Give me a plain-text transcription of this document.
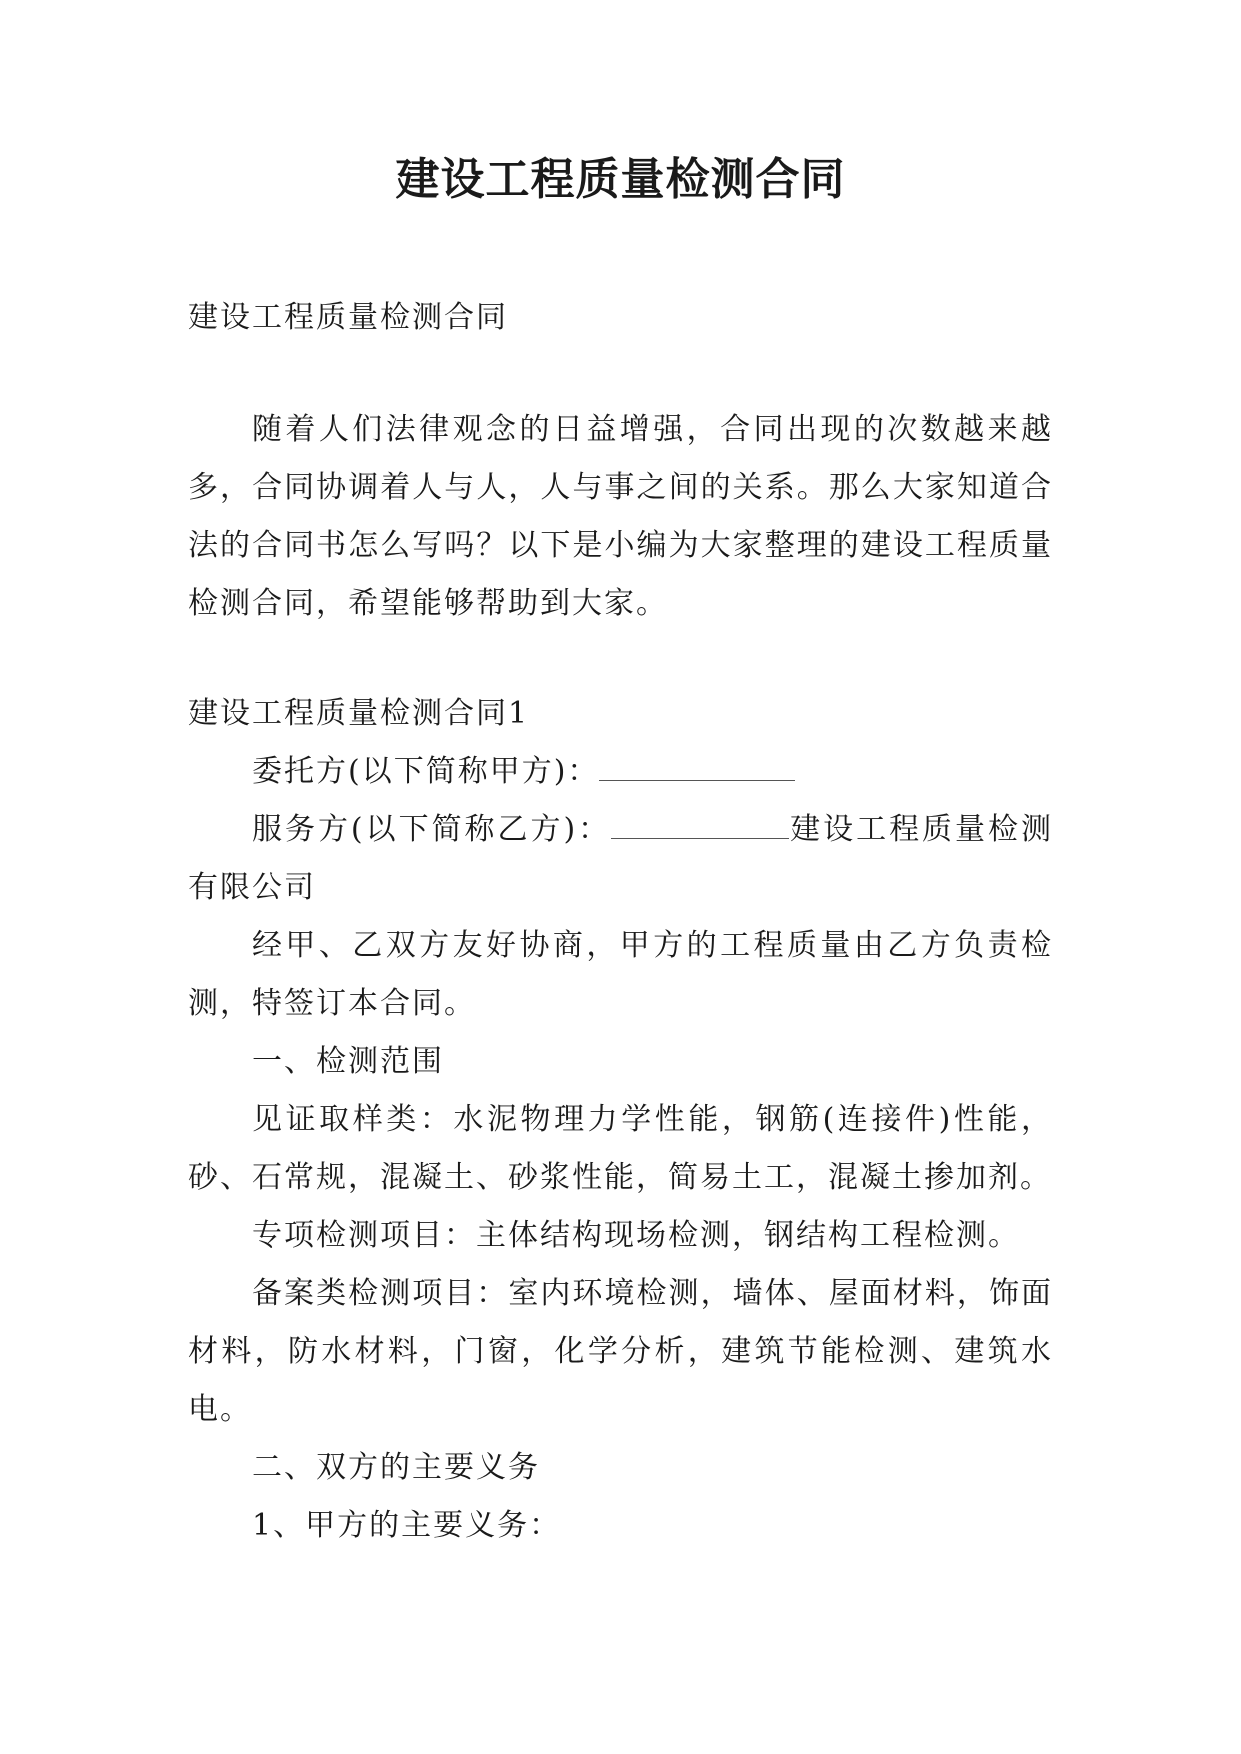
建设工程质量检测合同

建设工程质量检测合同

随着人们法律观念的日益增强，合同出现的次数越来越多，合同协调着人与人，人与事之间的关系。那么大家知道合法的合同书怎么写吗？以下是小编为大家整理的建设工程质量检测合同，希望能够帮助到大家。

建设工程质量检测合同1

委托方(以下简称甲方)：

服务方(以下简称乙方)：	建设工程质量检测有限公司

经甲、乙双方友好协商，甲方的工程质量由乙方负责检测，特签订本合同。

一、检测范围

见证取样类：水泥物理力学性能，钢筋(连接件)性能，砂、石常规，混凝土、砂浆性能，简易土工，混凝土掺加剂。

专项检测项目：主体结构现场检测，钢结构工程检测。

备案类检测项目：室内环境检测，墙体、屋面材料，饰面材料，防水材料，门窗，化学分析，建筑节能检测、建筑水电。

二、双方的主要义务

1、甲方的主要义务：
